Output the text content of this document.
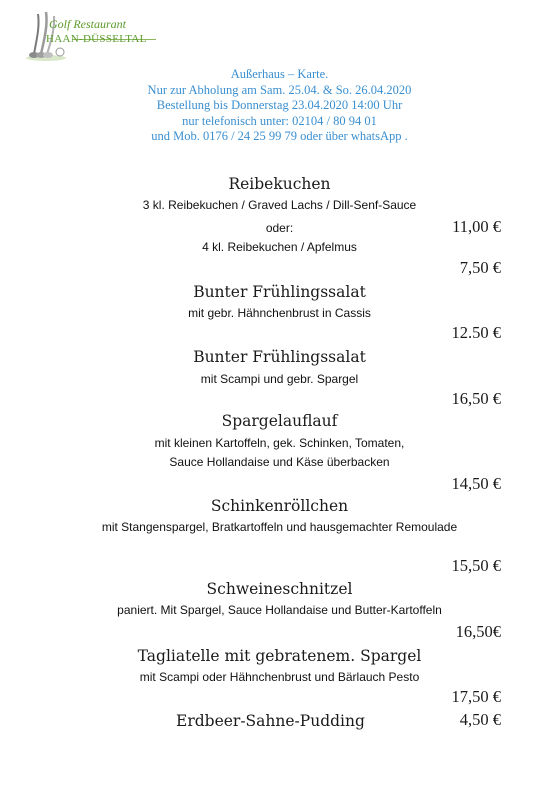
Golf Restaurant
HAAN-DÜSSELTAL
Außerhaus – Karte.
Nur zur Abholung am Sam. 25.04. & So. 26.04.2020
Bestellung bis Donnerstag 23.04.2020 14:00 Uhr
nur telefonisch unter: 02104 / 80 94 01
und Mob. 0176 / 24 25 99 79 oder über whatsApp .
Reibekuchen
3 kl. Reibekuchen / Graved Lachs / Dill-Senf-Sauce
oder:	11,00 €
4 kl. Reibekuchen / Apfelmus
7,50 €
Bunter Frühlingssalat
mit gebr. Hähnchenbrust in Cassis
12.50 €
Bunter Frühlingssalat
mit Scampi und gebr. Spargel
16,50 €
Spargelauflauf
mit kleinen Kartoffeln, gek. Schinken, Tomaten,
Sauce Hollandaise und Käse überbacken
14,50 €
Schinkenröllchen
mit Stangenspargel, Bratkartoffeln und hausgemachter Remoulade
15,50 €
Schweineschnitzel
paniert. Mit Spargel, Sauce Hollandaise und Butter-Kartoffeln
16,50€
Tagliatelle mit gebratenem. Spargel
mit Scampi oder Hähnchenbrust und Bärlauch Pesto
17,50 €
Erdbeer-Sahne-Pudding	4,50 €
